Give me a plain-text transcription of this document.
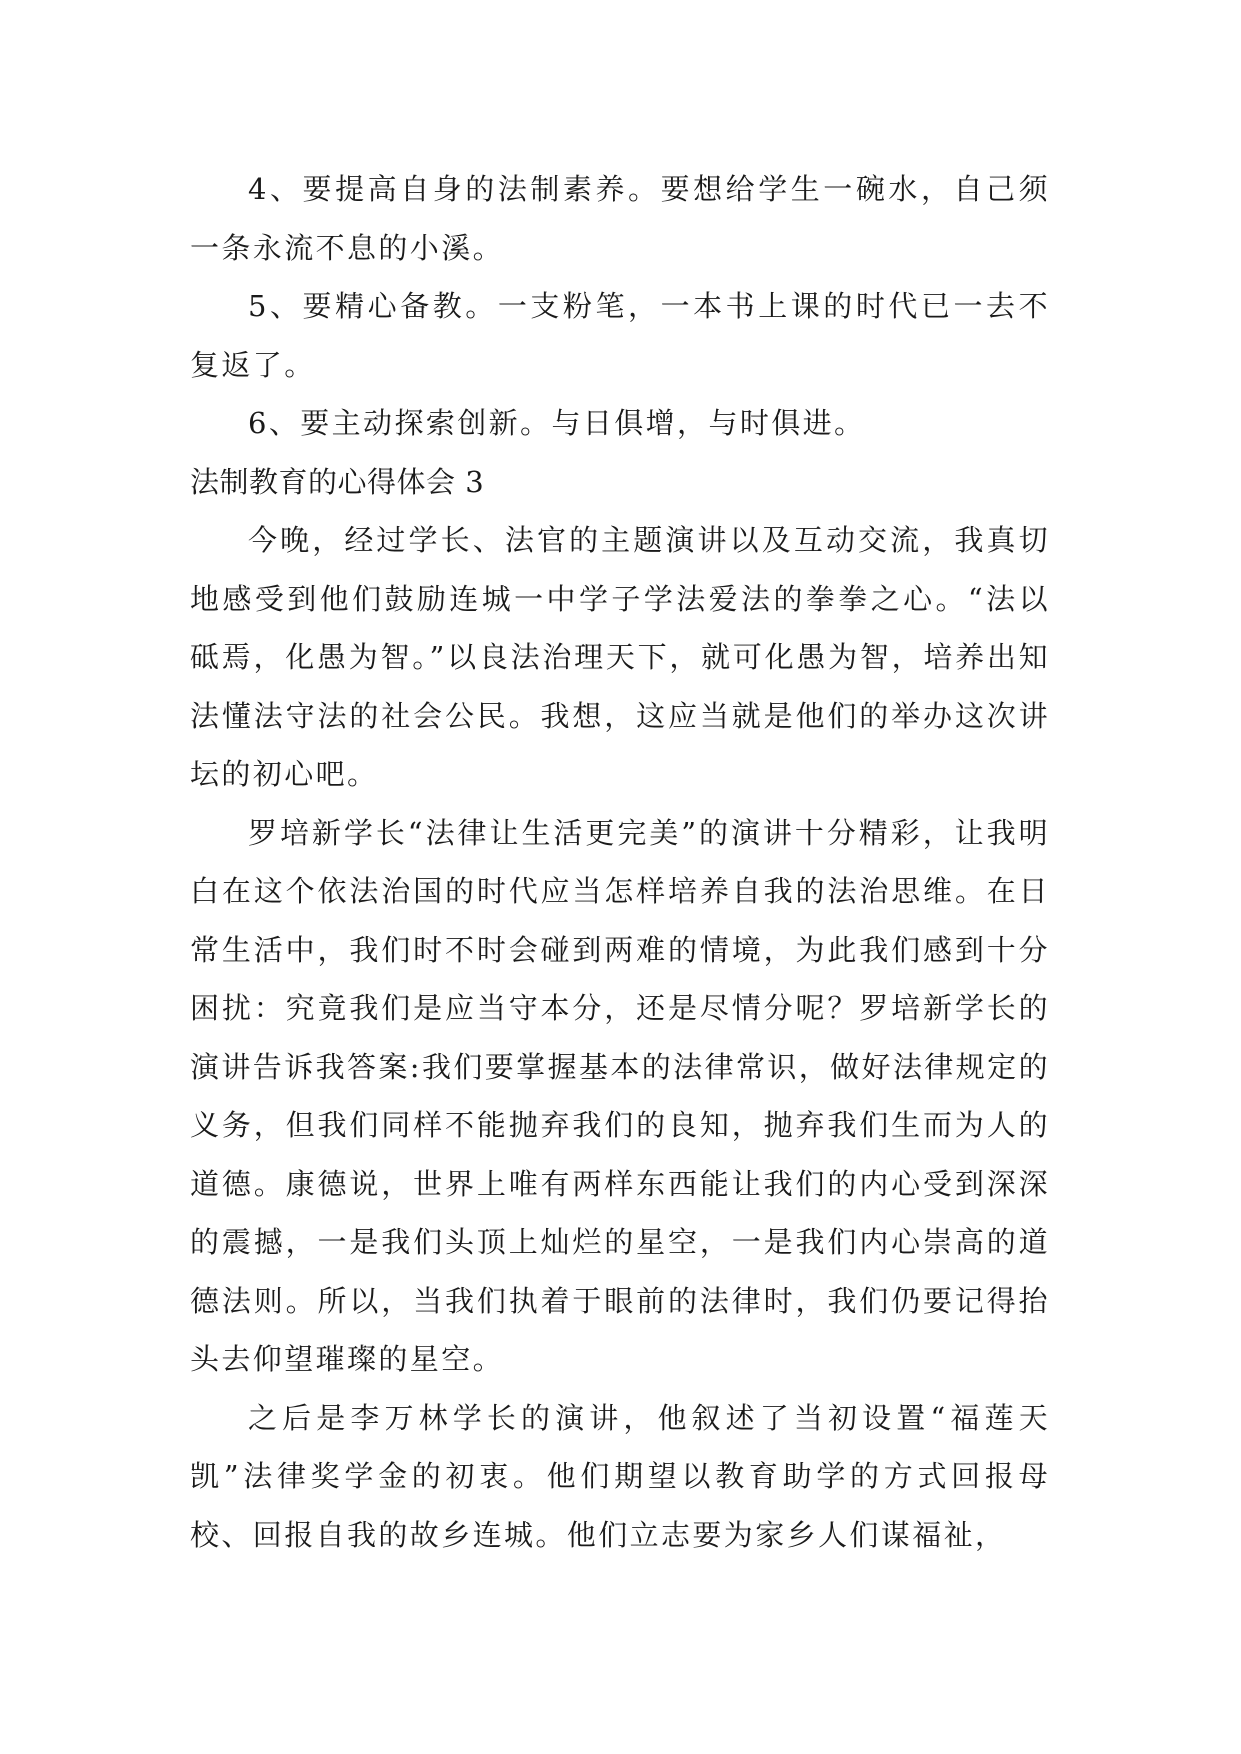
4、要提高自身的法制素养。要想给学生一碗水，自己须一条永流不息的小溪。

5、要精心备教。一支粉笔，一本书上课的时代已一去不复返了。

6、要主动探索创新。与日俱增，与时俱进。

法制教育的心得体会 3

今晚，经过学长、法官的主题演讲以及互动交流，我真切地感受到他们鼓励连城一中学子学法爱法的拳拳之心。“法以砥焉，化愚为智。”以良法治理天下，就可化愚为智，培养出知法懂法守法的社会公民。我想，这应当就是他们的举办这次讲坛的初心吧。

罗培新学长“法律让生活更完美”的演讲十分精彩，让我明白在这个依法治国的时代应当怎样培养自我的法治思维。在日常生活中，我们时不时会碰到两难的情境，为此我们感到十分困扰：究竟我们是应当守本分，还是尽情分呢？罗培新学长的演讲告诉我答案:我们要掌握基本的法律常识，做好法律规定的义务，但我们同样不能抛弃我们的良知，抛弃我们生而为人的道德。康德说，世界上唯有两样东西能让我们的内心受到深深的震撼，一是我们头顶上灿烂的星空，一是我们内心崇高的道德法则。所以，当我们执着于眼前的法律时，我们仍要记得抬头去仰望璀璨的星空。

之后是李万林学长的演讲，他叙述了当初设置“福莲天凯”法律奖学金的初衷。他们期望以教育助学的方式回报母校、回报自我的故乡连城。他们立志要为家乡人们谋福祉，
